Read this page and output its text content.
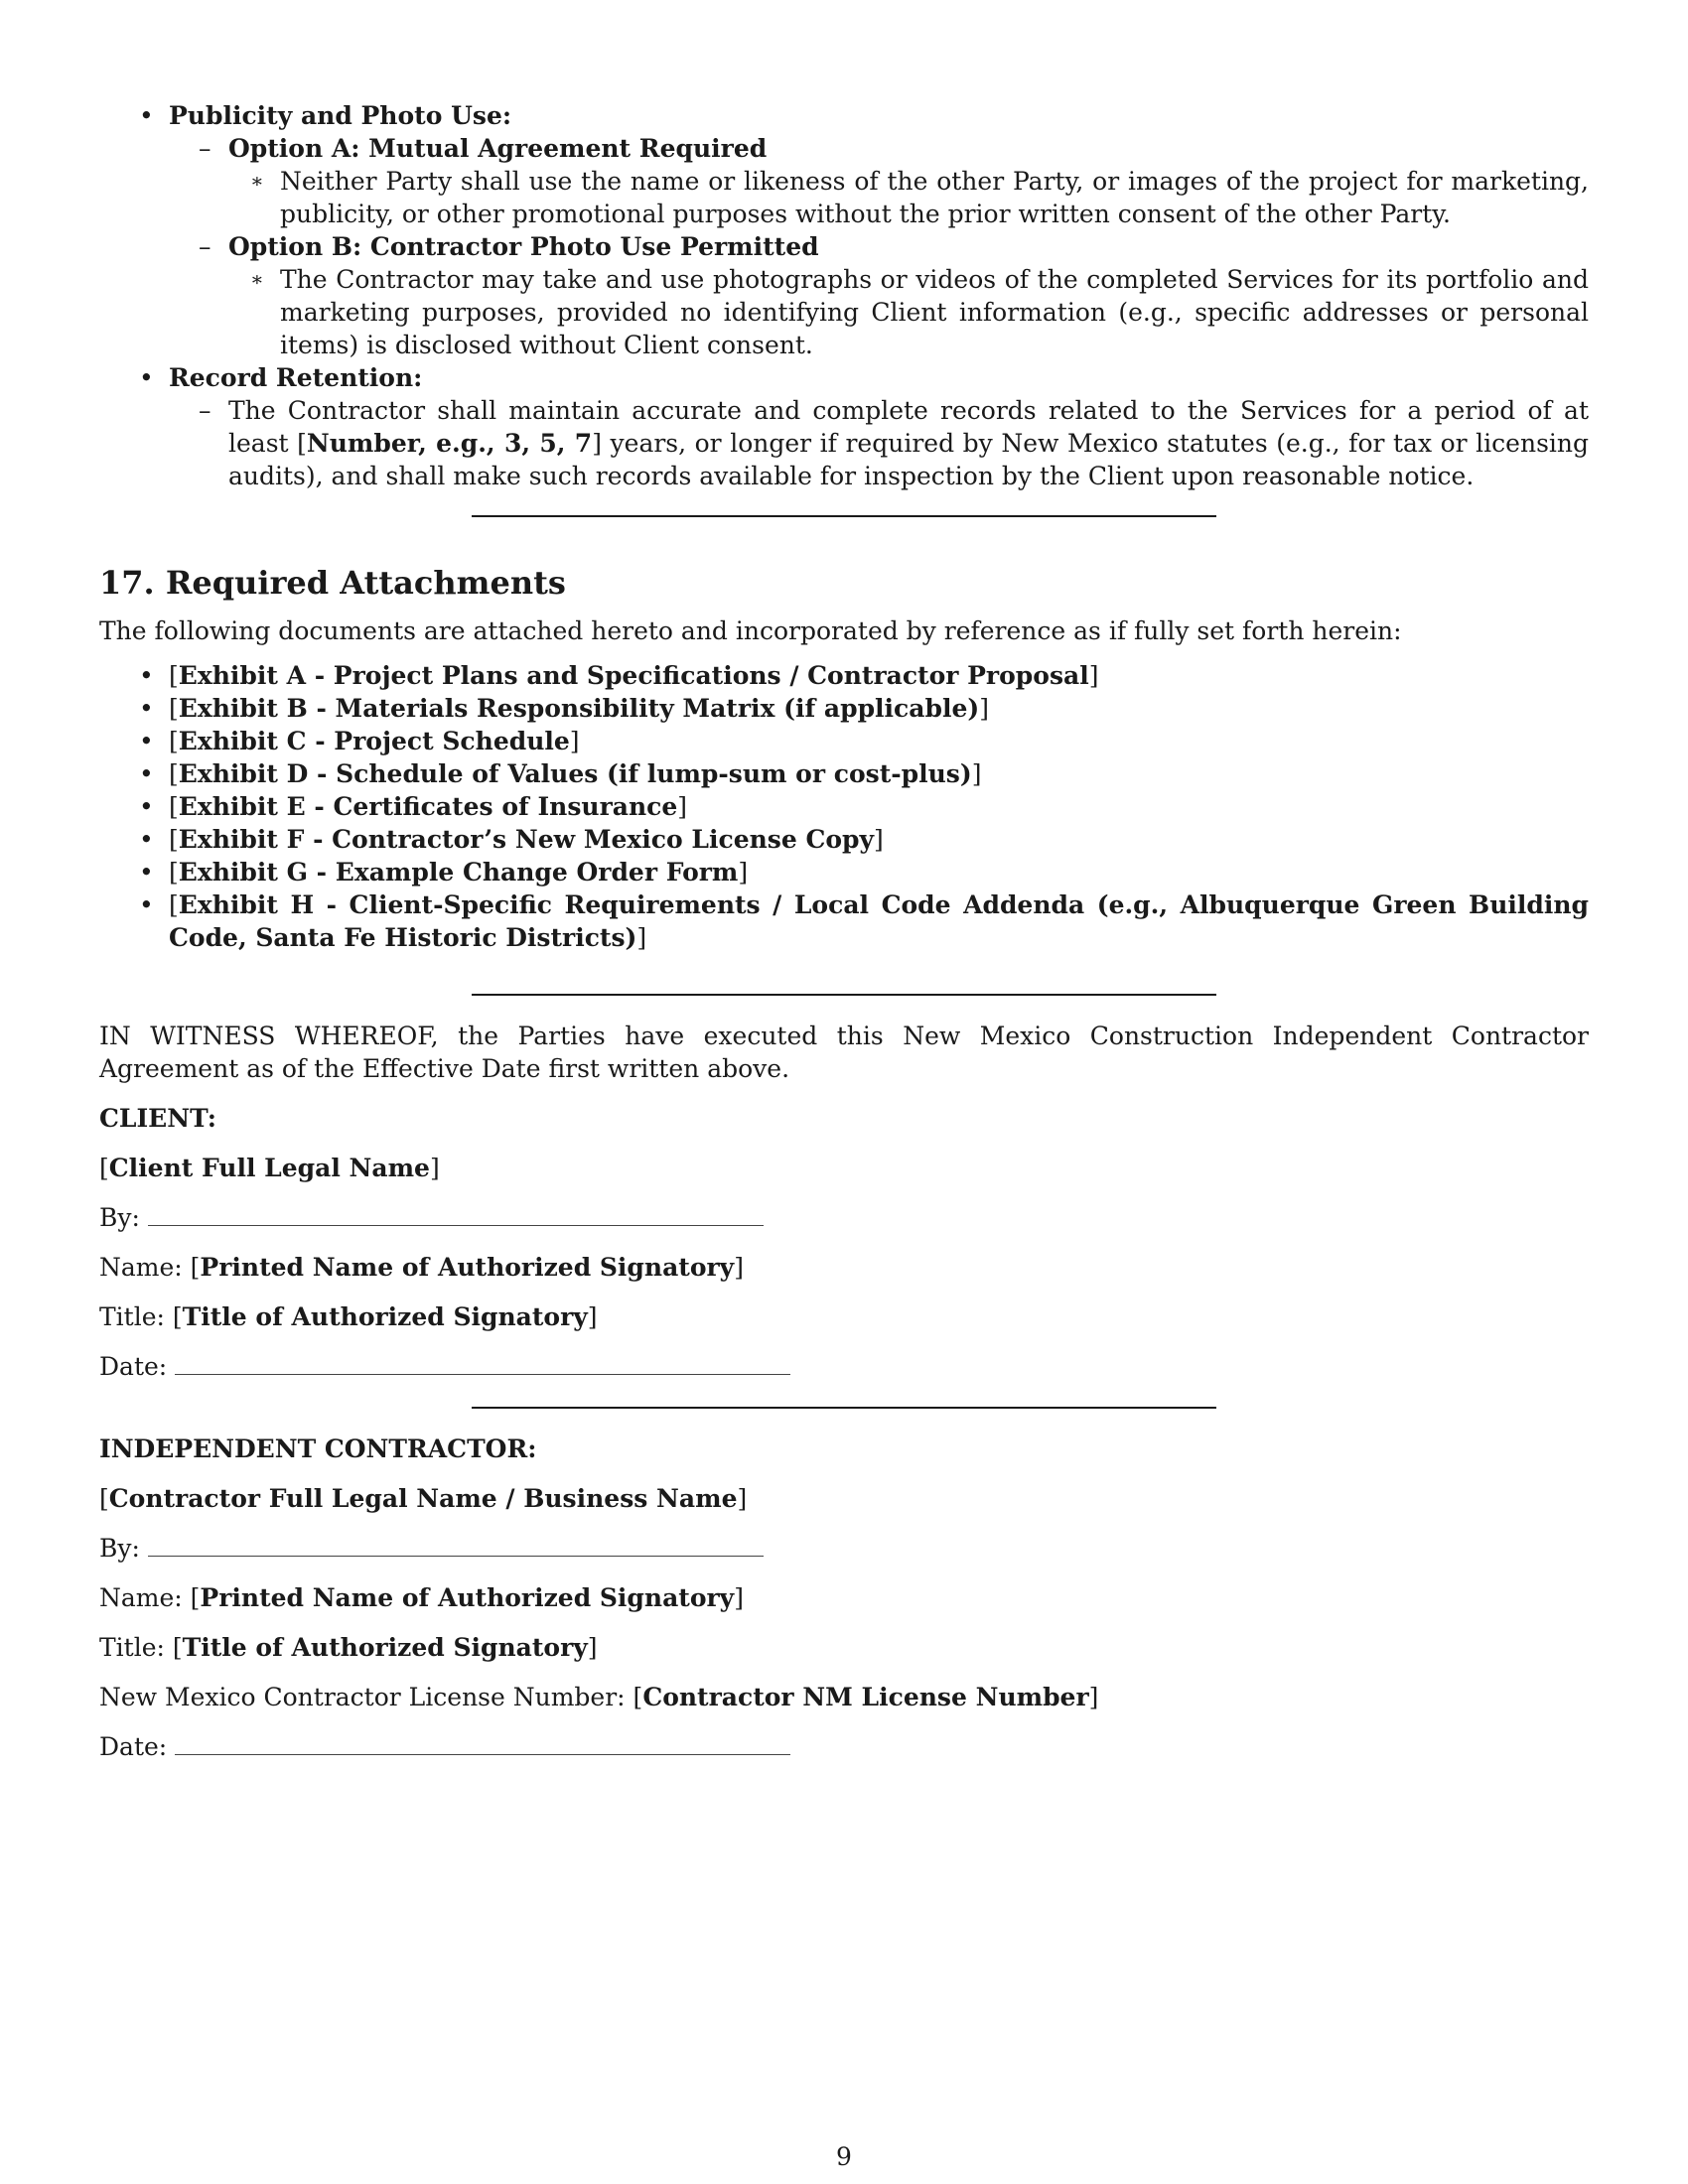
• Publicity and Photo Use:
– Option A: Mutual Agreement Required
∗ Neither Party shall use the name or likeness of the other Party, or images of the project for marketing, publicity, or other promotional purposes without the prior written consent of the other Party.
– Option B: Contractor Photo Use Permitted
∗ The Contractor may take and use photographs or videos of the completed Services for its portfolio and marketing purposes, provided no identifying Client information (e.g., specific addresses or personal items) is disclosed without Client consent.
• Record Retention:
– The Contractor shall maintain accurate and complete records related to the Services for a period of at least [Number, e.g., 3, 5, 7] years, or longer if required by New Mexico statutes (e.g., for tax or licensing audits), and shall make such records available for inspection by the Client upon reasonable notice.
17. Required Attachments

The following documents are attached hereto and incorporated by reference as if fully set forth herein:

• [Exhibit A - Project Plans and Specifications / Contractor Proposal]
• [Exhibit B - Materials Responsibility Matrix (if applicable)]
• [Exhibit C - Project Schedule]
• [Exhibit D - Schedule of Values (if lump-sum or cost-plus)]
• [Exhibit E - Certificates of Insurance]
• [Exhibit F - Contractor’s New Mexico License Copy]
• [Exhibit G - Example Change Order Form]
• [Exhibit H - Client-Specific Requirements / Local Code Addenda (e.g., Albuquerque Green Building Code, Santa Fe Historic Districts)]

IN WITNESS WHEREOF, the Parties have executed this New Mexico Construction Independent Contractor Agreement as of the Effective Date first written above.

CLIENT:

[Client Full Legal Name]

By:

Name: [Printed Name of Authorized Signatory]

Title: [Title of Authorized Signatory]

Date:

INDEPENDENT CONTRACTOR:

[Contractor Full Legal Name / Business Name]

By:

Name: [Printed Name of Authorized Signatory]

Title: [Title of Authorized Signatory]

New Mexico Contractor License Number: [Contractor NM License Number]

Date:

9
